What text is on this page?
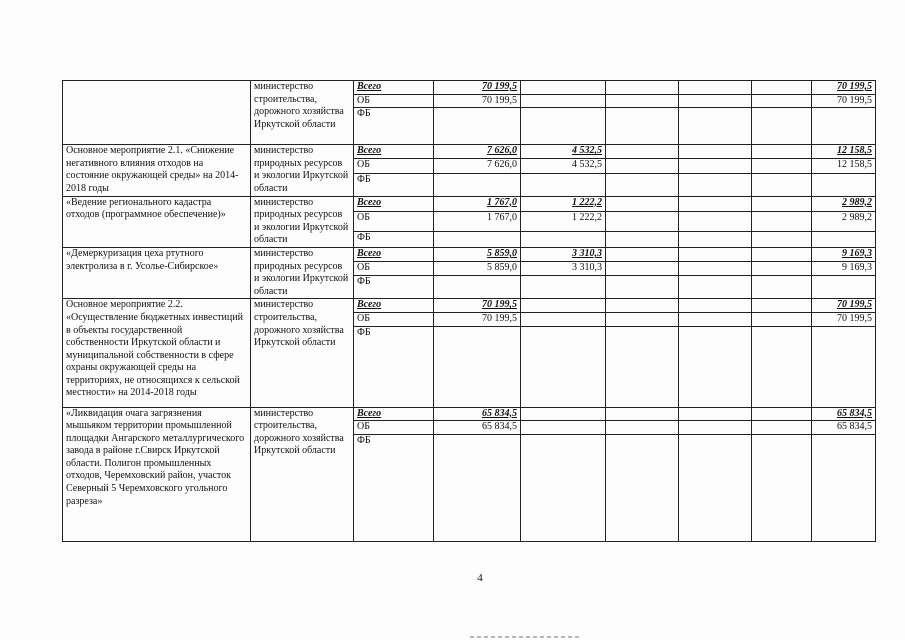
	министерство строительства, дорожного хозяйства Иркутской области	Всего	70 199,5					70 199,5
		ОБ	70 199,5					70 199,5
		ФБ						
Основное мероприятие 2.1. «Снижение негативного влияния отходов на состояние окружающей среды» на 2014-2018 годы	министерство природных ресурсов и экологии Иркутской области	Всего	7 626,0	4 532,5				12 158,5
		ОБ	7 626,0	4 532,5				12 158,5
		ФБ						
«Ведение регионального кадастра отходов (программное обеспечение)»	министерство природных ресурсов и экологии Иркутской области	Всего	1 767,0	1 222,2				2 989,2
		ОБ	1 767,0	1 222,2				2 989,2
		ФБ						
«Демеркуризация цеха ртутного электролиза в г. Усолье-Сибирское»	министерство природных ресурсов и экологии Иркутской области	Всего	5 859,0	3 310,3				9 169,3
		ОБ	5 859,0	3 310,3				9 169,3
		ФБ						
Основное мероприятие 2.2. «Осуществление бюджетных инвестиций в объекты государственной собственности Иркутской области и муниципальной собственности в сфере охраны окружающей среды на территориях, не относящихся к сельской местности» на 2014-2018 годы	министерство строительства, дорожного хозяйства Иркутской области	Всего	70 199,5					70 199,5
		ОБ	70 199,5					70 199,5
		ФБ						
«Ликвидация очага загрязнения мышьяком территории промышленной площадки Ангарского металлургического завода в районе г.Свирск Иркутской области. Полигон промышленных отходов, Черемховский район, участок Северный 5 Черемховского угольного разреза»	министерство строительства, дорожного хозяйства Иркутской области	Всего	65 834,5					65 834,5
		ОБ	65 834,5					65 834,5
		ФБ						
4
